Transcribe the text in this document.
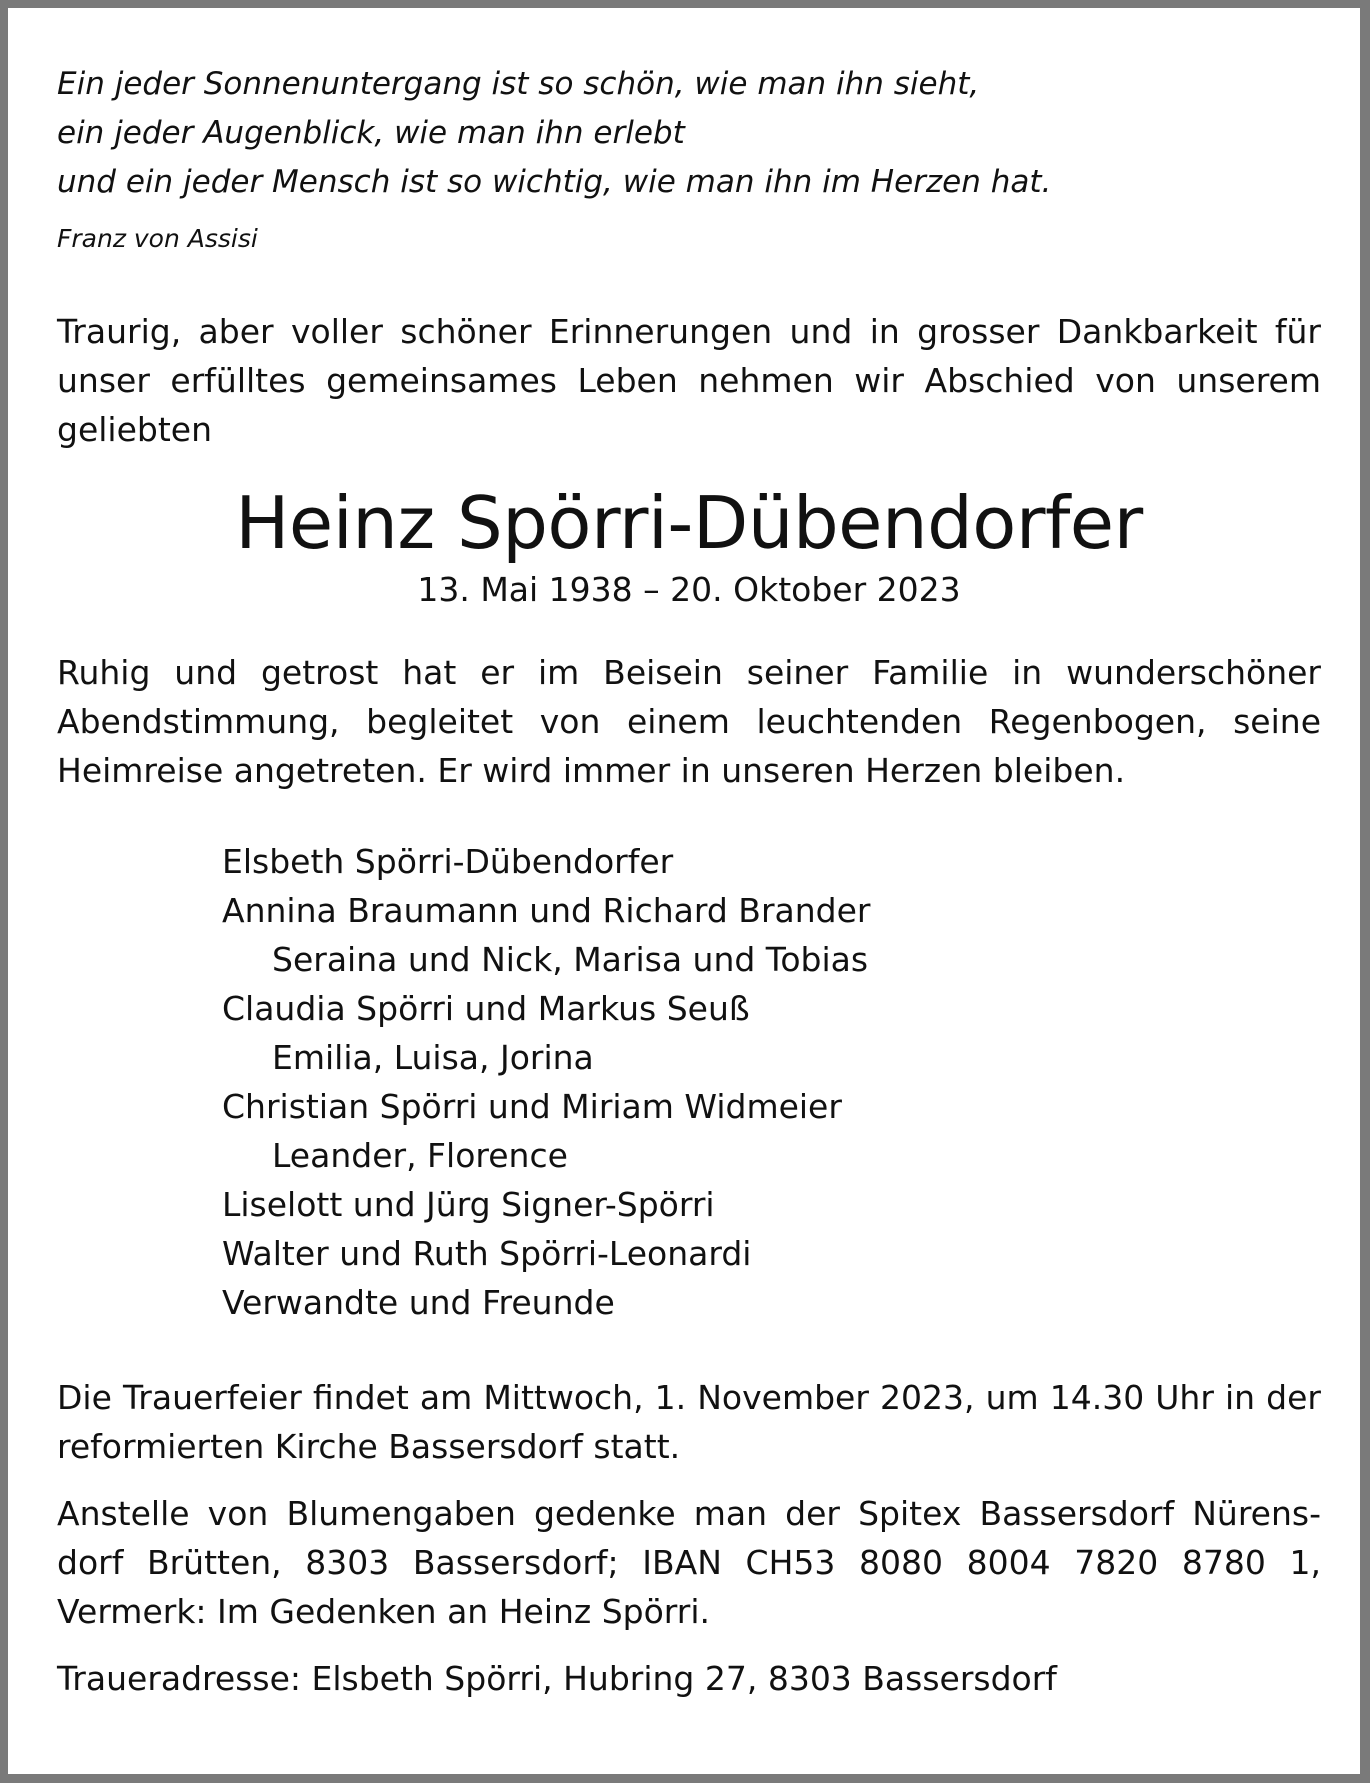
Ein jeder Sonnenuntergang ist so schön, wie man ihn sieht,
ein jeder Augenblick, wie man ihn erlebt
und ein jeder Mensch ist so wichtig, wie man ihn im Herzen hat.
Franz von Assisi
Traurig, aber voller schöner Erinnerungen und in grosser Dankbarkeit für unser erfülltes gemeinsames Leben nehmen wir Abschied von unserem geliebten
Heinz Spörri-Dübendorfer
13. Mai 1938 – 20. Oktober 2023
Ruhig und getrost hat er im Beisein seiner Familie in wunderschöner Abendstimmung, begleitet von einem leuchtenden Regenbogen, seine Heimreise angetreten. Er wird immer in unseren Herzen bleiben.
Elsbeth Spörri-Dübendorfer
Annina Braumann und Richard Brander
Seraina und Nick, Marisa und Tobias
Claudia Spörri und Markus Seuß
Emilia, Luisa, Jorina
Christian Spörri und Miriam Widmeier
Leander, Florence
Liselott und Jürg Signer-Spörri
Walter und Ruth Spörri-Leonardi
Verwandte und Freunde
Die Trauerfeier findet am Mittwoch, 1. November 2023, um 14.30 Uhr in der reformierten Kirche Bassersdorf statt.
Anstelle von Blumengaben gedenke man der Spitex Bassersdorf Nürens-dorf Brütten, 8303 Bassersdorf; IBAN CH53 8080 8004 7820 8780 1, Vermerk: Im Gedenken an Heinz Spörri.
Traueradresse: Elsbeth Spörri, Hubring 27, 8303 Bassersdorf
